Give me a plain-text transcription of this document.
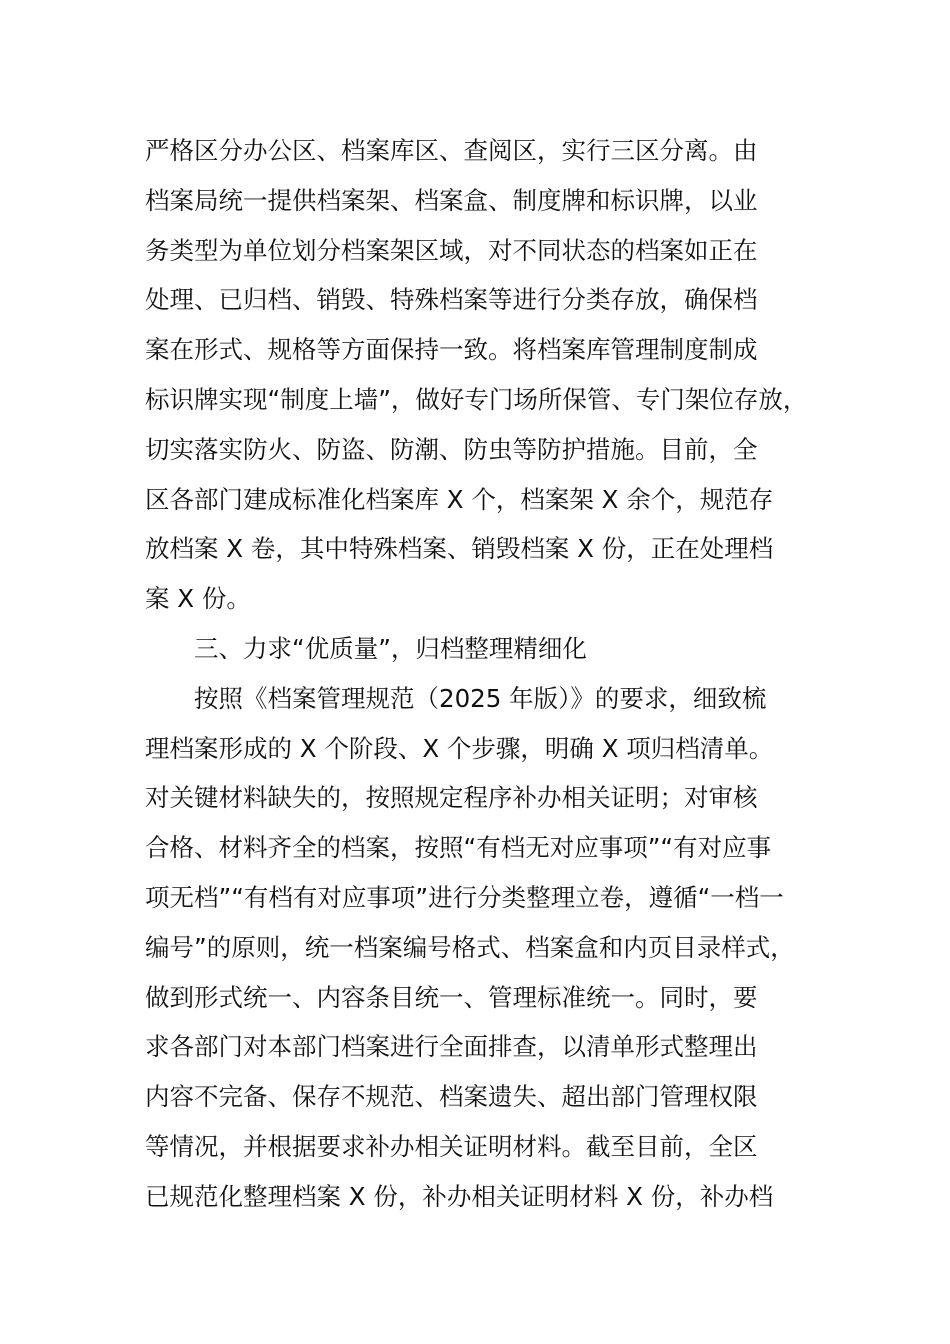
严格区分办公区、档案库区、查阅区，实行三区分离。由
档案局统一提供档案架、档案盒、制度牌和标识牌，以业
务类型为单位划分档案架区域，对不同状态的档案如正在
处理、已归档、销毁、特殊档案等进行分类存放，确保档
案在形式、规格等方面保持一致。将档案库管理制度制成
标识牌实现“制度上墙”，做好专门场所保管、专门架位存放，
切实落实防火、防盗、防潮、防虫等防护措施。目前，全
区各部门建成标准化档案库 X 个，档案架 X 余个，规范存
放档案 X 卷，其中特殊档案、销毁档案 X 份，正在处理档
案 X 份。
三、力求“优质量”，归档整理精细化
按照《档案管理规范（2025 年版）》的要求，细致梳
理档案形成的 X 个阶段、X 个步骤，明确 X 项归档清单。
对关键材料缺失的，按照规定程序补办相关证明；对审核
合格、材料齐全的档案，按照“有档无对应事项”“有对应事
项无档”“有档有对应事项”进行分类整理立卷，遵循“一档一
编号”的原则，统一档案编号格式、档案盒和内页目录样式，
做到形式统一、内容条目统一、管理标准统一。同时，要
求各部门对本部门档案进行全面排查，以清单形式整理出
内容不完备、保存不规范、档案遗失、超出部门管理权限
等情况，并根据要求补办相关证明材料。截至目前，全区
已规范化整理档案 X 份，补办相关证明材料 X 份，补办档
